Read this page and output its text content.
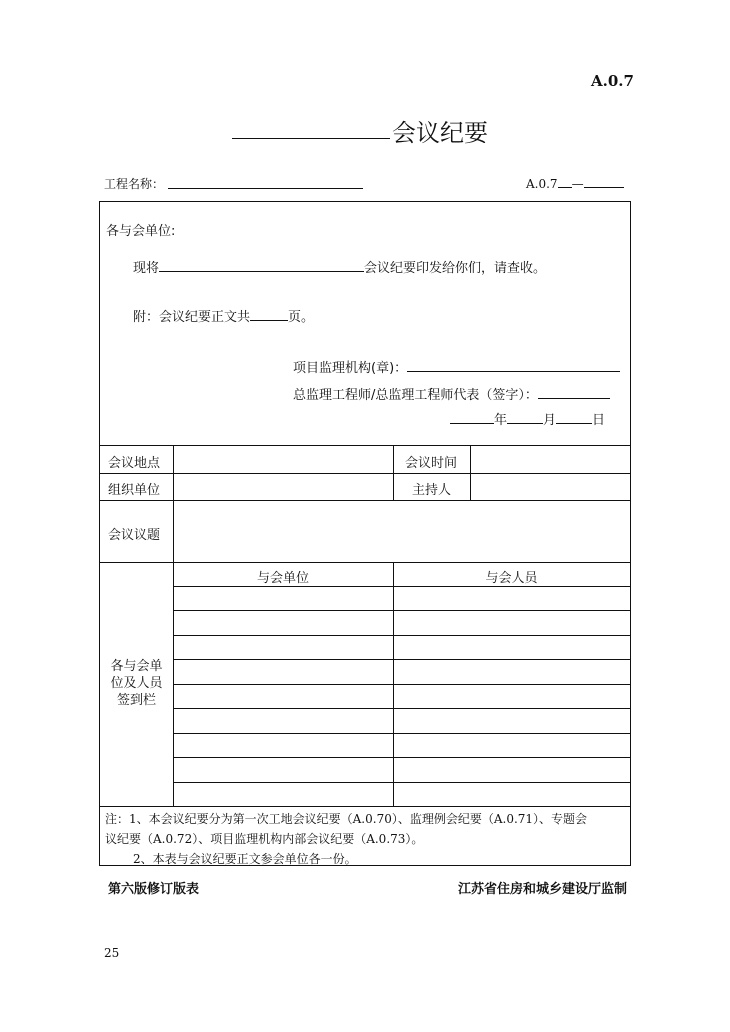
A.0.7
会议纪要
工程名称：	A.0.7 —
各与会单位:
现将	会议纪要印发给你们，请查收。
附：会议纪要正文共	页。
项目监理机构(章)：
总监理工程师/总监理工程师代表（签字）：
年	月	日
会议地点	会议时间
组织单位	主持人
会议议题
各与会单
位及人员
签到栏
与会单位	与会人员
注：1、本会议纪要分为第一次工地会议纪要（A.0.70）、监理例会纪要（A.0.71）、专题会
议纪要（A.0.72）、项目监理机构内部会议纪要（A.0.73）。
2、本表与会议纪要正文参会单位各一份。
第六版修订版表	江苏省住房和城乡建设厅监制
25
